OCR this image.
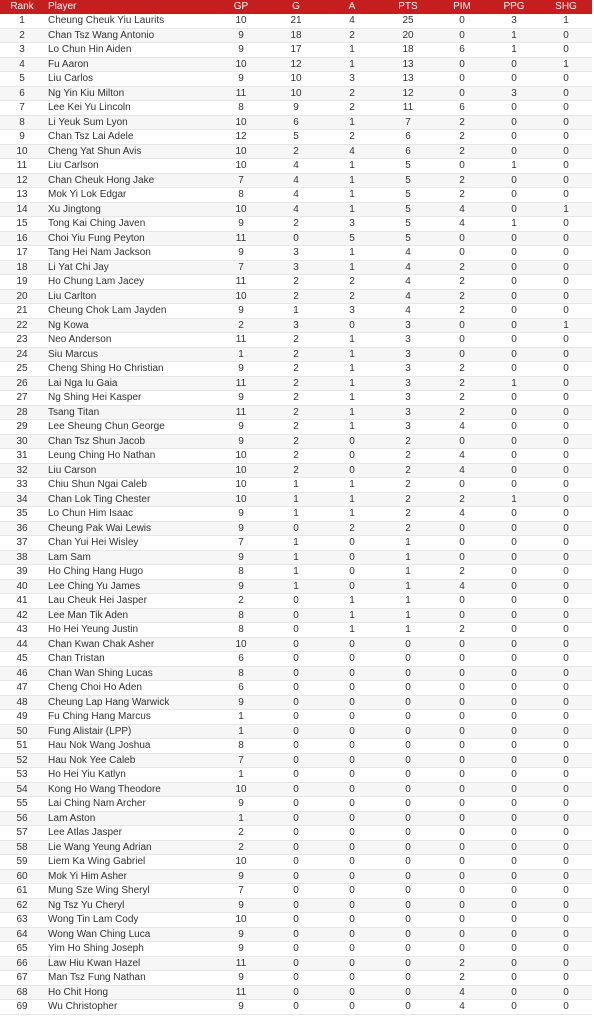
Rank	Player	GP	G	A	PTS	PIM	PPG	SHG
1	Cheung Cheuk Yiu Laurits	10	21	4	25	0	3	1
2	Chan Tsz Wang Antonio	9	18	2	20	0	1	0
3	Lo Chun Hin Aiden	9	17	1	18	6	1	0
4	Fu Aaron	10	12	1	13	0	0	1
5	Liu Carlos	9	10	3	13	0	0	0
6	Ng Yin Kiu Milton	11	10	2	12	0	3	0
7	Lee Kei Yu Lincoln	8	9	2	11	6	0	0
8	Li Yeuk Sum Lyon	10	6	1	7	2	0	0
9	Chan Tsz Lai Adele	12	5	2	6	2	0	0
10	Cheng Yat Shun Avis	10	2	4	6	2	0	0
11	Liu Carlson	10	4	1	5	0	1	0
12	Chan Cheuk Hong Jake	7	4	1	5	2	0	0
13	Mok Yi Lok Edgar	8	4	1	5	2	0	0
14	Xu Jingtong	10	4	1	5	4	0	1
15	Tong Kai Ching Javen	9	2	3	5	4	1	0
16	Choi Yiu Fung Peyton	11	0	5	5	0	0	0
17	Tang Hei Nam Jackson	9	3	1	4	0	0	0
18	Li Yat Chi Jay	7	3	1	4	2	0	0
19	Ho Chung Lam Jacey	11	2	2	4	2	0	0
20	Liu Carlton	10	2	2	4	2	0	0
21	Cheung Chok Lam Jayden	9	1	3	4	2	0	0
22	Ng Kowa	2	3	0	3	0	0	1
23	Neo Anderson	11	2	1	3	0	0	0
24	Siu Marcus	1	2	1	3	0	0	0
25	Cheng Shing Ho Christian	9	2	1	3	2	0	0
26	Lai Nga Iu Gaia	11	2	1	3	2	1	0
27	Ng Shing Hei Kasper	9	2	1	3	2	0	0
28	Tsang Titan	11	2	1	3	2	0	0
29	Lee Sheung Chun George	9	2	1	3	4	0	0
30	Chan Tsz Shun Jacob	9	2	0	2	0	0	0
31	Leung Ching Ho Nathan	10	2	0	2	4	0	0
32	Liu Carson	10	2	0	2	4	0	0
33	Chiu Shun Ngai Caleb	10	1	1	2	0	0	0
34	Chan Lok Ting Chester	10	1	1	2	2	1	0
35	Lo Chun Him Isaac	9	1	1	2	4	0	0
36	Cheung Pak Wai Lewis	9	0	2	2	0	0	0
37	Chan Yui Hei Wisley	7	1	0	1	0	0	0
38	Lam Sam	9	1	0	1	0	0	0
39	Ho Ching Hang Hugo	8	1	0	1	2	0	0
40	Lee Ching Yu James	9	1	0	1	4	0	0
41	Lau Cheuk Hei Jasper	2	0	1	1	0	0	0
42	Lee Man Tik Aden	8	0	1	1	0	0	0
43	Ho Hei Yeung Justin	8	0	1	1	2	0	0
44	Chan Kwan Chak Asher	10	0	0	0	0	0	0
45	Chan Tristan	6	0	0	0	0	0	0
46	Chan Wan Shing Lucas	8	0	0	0	0	0	0
47	Cheng Choi Ho Aden	6	0	0	0	0	0	0
48	Cheung Lap Hang Warwick	9	0	0	0	0	0	0
49	Fu Ching Hang Marcus	1	0	0	0	0	0	0
50	Fung Alistair (LPP)	1	0	0	0	0	0	0
51	Hau Nok Wang Joshua	8	0	0	0	0	0	0
52	Hau Nok Yee Caleb	7	0	0	0	0	0	0
53	Ho Hei Yiu Katlyn	1	0	0	0	0	0	0
54	Kong Ho Wang Theodore	10	0	0	0	0	0	0
55	Lai Ching Nam Archer	9	0	0	0	0	0	0
56	Lam Aston	1	0	0	0	0	0	0
57	Lee Atlas Jasper	2	0	0	0	0	0	0
58	Lie Wang Yeung Adrian	2	0	0	0	0	0	0
59	Liem Ka Wing Gabriel	10	0	0	0	0	0	0
60	Mok Yi Him Asher	9	0	0	0	0	0	0
61	Mung Sze Wing Sheryl	7	0	0	0	0	0	0
62	Ng Tsz Yu Cheryl	9	0	0	0	0	0	0
63	Wong Tin Lam Cody	10	0	0	0	0	0	0
64	Wong Wan Ching Luca	9	0	0	0	0	0	0
65	Yim Ho Shing Joseph	9	0	0	0	0	0	0
66	Law Hiu Kwan Hazel	11	0	0	0	2	0	0
67	Man Tsz Fung Nathan	9	0	0	0	2	0	0
68	Ho Chit Hong	11	0	0	0	4	0	0
69	Wu Christopher	9	0	0	0	4	0	0
